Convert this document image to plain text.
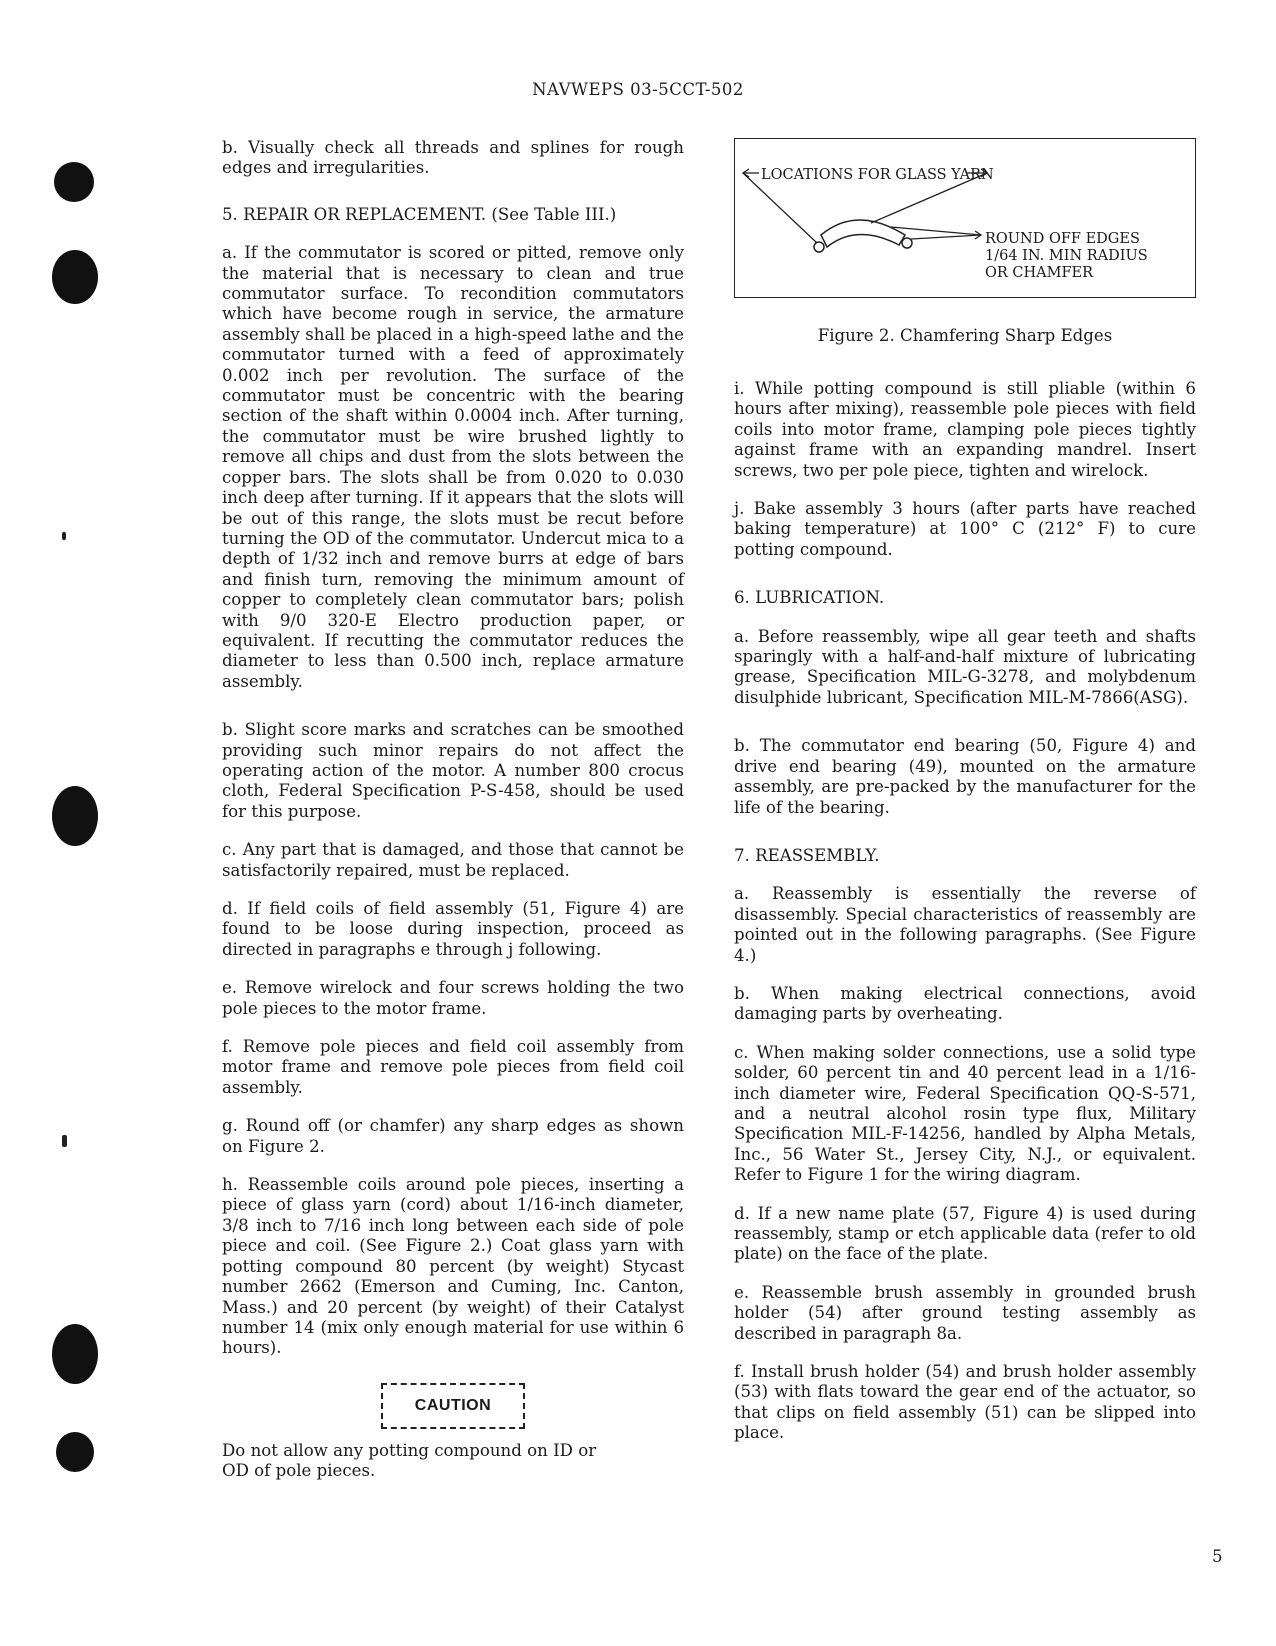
NAVWEPS 03-5CCT-502

b. Visually check all threads and splines for rough edges and irregularities.

5. REPAIR OR REPLACEMENT. (See Table III.)

a. If the commutator is scored or pitted, remove only the material that is necessary to clean and true commutator surface. To recondition commutators which have become rough in service, the armature assembly shall be placed in a high-speed lathe and the commutator turned with a feed of approximately 0.002 inch per revolution. The surface of the commutator must be concentric with the bearing section of the shaft within 0.0004 inch. After turning, the commutator must be wire brushed lightly to remove all chips and dust from the slots between the copper bars. The slots shall be from 0.020 to 0.030 inch deep after turning. If it appears that the slots will be out of this range, the slots must be recut before turning the OD of the commutator. Undercut mica to a depth of 1/32 inch and remove burrs at edge of bars and finish turn, removing the minimum amount of copper to completely clean commutator bars; polish with 9/0 320-E Electro production paper, or equivalent. If recutting the commutator reduces the diameter to less than 0.500 inch, replace armature assembly.

b. Slight score marks and scratches can be smoothed providing such minor repairs do not affect the operating action of the motor. A number 800 crocus cloth, Federal Specification P-S-458, should be used for this purpose.

c. Any part that is damaged, and those that cannot be satisfactorily repaired, must be replaced.

d. If field coils of field assembly (51, Figure 4) are found to be loose during inspection, proceed as directed in paragraphs e through j following.

e. Remove wirelock and four screws holding the two pole pieces to the motor frame.

f. Remove pole pieces and field coil assembly from motor frame and remove pole pieces from field coil assembly.

g. Round off (or chamfer) any sharp edges as shown on Figure 2.

h. Reassemble coils around pole pieces, inserting a piece of glass yarn (cord) about 1/16-inch diameter, 3/8 inch to 7/16 inch long between each side of pole piece and coil. (See Figure 2.) Coat glass yarn with potting compound 80 percent (by weight) Stycast number 2662 (Emerson and Cuming, Inc. Canton, Mass.) and 20 percent (by weight) of their Catalyst number 14 (mix only enough material for use within 6 hours).

CAUTION

Do not allow any potting compound on ID or OD of pole pieces.

LOCATIONS FOR GLASS YARN
ROUND OFF EDGES
1/64 IN. MIN RADIUS
OR CHAMFER
Figure 2. Chamfering Sharp Edges

i. While potting compound is still pliable (within 6 hours after mixing), reassemble pole pieces with field coils into motor frame, clamping pole pieces tightly against frame with an expanding mandrel. Insert screws, two per pole piece, tighten and wirelock.

j. Bake assembly 3 hours (after parts have reached baking temperature) at 100° C (212° F) to cure potting compound.

6. LUBRICATION.

a. Before reassembly, wipe all gear teeth and shafts sparingly with a half-and-half mixture of lubricating grease, Specification MIL-G-3278, and molybdenum disulphide lubricant, Specification MIL-M-7866(ASG).

b. The commutator end bearing (50, Figure 4) and drive end bearing (49), mounted on the armature assembly, are pre-packed by the manufacturer for the life of the bearing.

7. REASSEMBLY.

a. Reassembly is essentially the reverse of disassembly. Special characteristics of reassembly are pointed out in the following paragraphs. (See Figure 4.)

b. When making electrical connections, avoid damaging parts by overheating.

c. When making solder connections, use a solid type solder, 60 percent tin and 40 percent lead in a 1/16-inch diameter wire, Federal Specification QQ-S-571, and a neutral alcohol rosin type flux, Military Specification MIL-F-14256, handled by Alpha Metals, Inc., 56 Water St., Jersey City, N.J., or equivalent. Refer to Figure 1 for the wiring diagram.

d. If a new name plate (57, Figure 4) is used during reassembly, stamp or etch applicable data (refer to old plate) on the face of the plate.

e. Reassemble brush assembly in grounded brush holder (54) after ground testing assembly as described in paragraph 8a.

f. Install brush holder (54) and brush holder assembly (53) with flats toward the gear end of the actuator, so that clips on field assembly (51) can be slipped into place.

5
